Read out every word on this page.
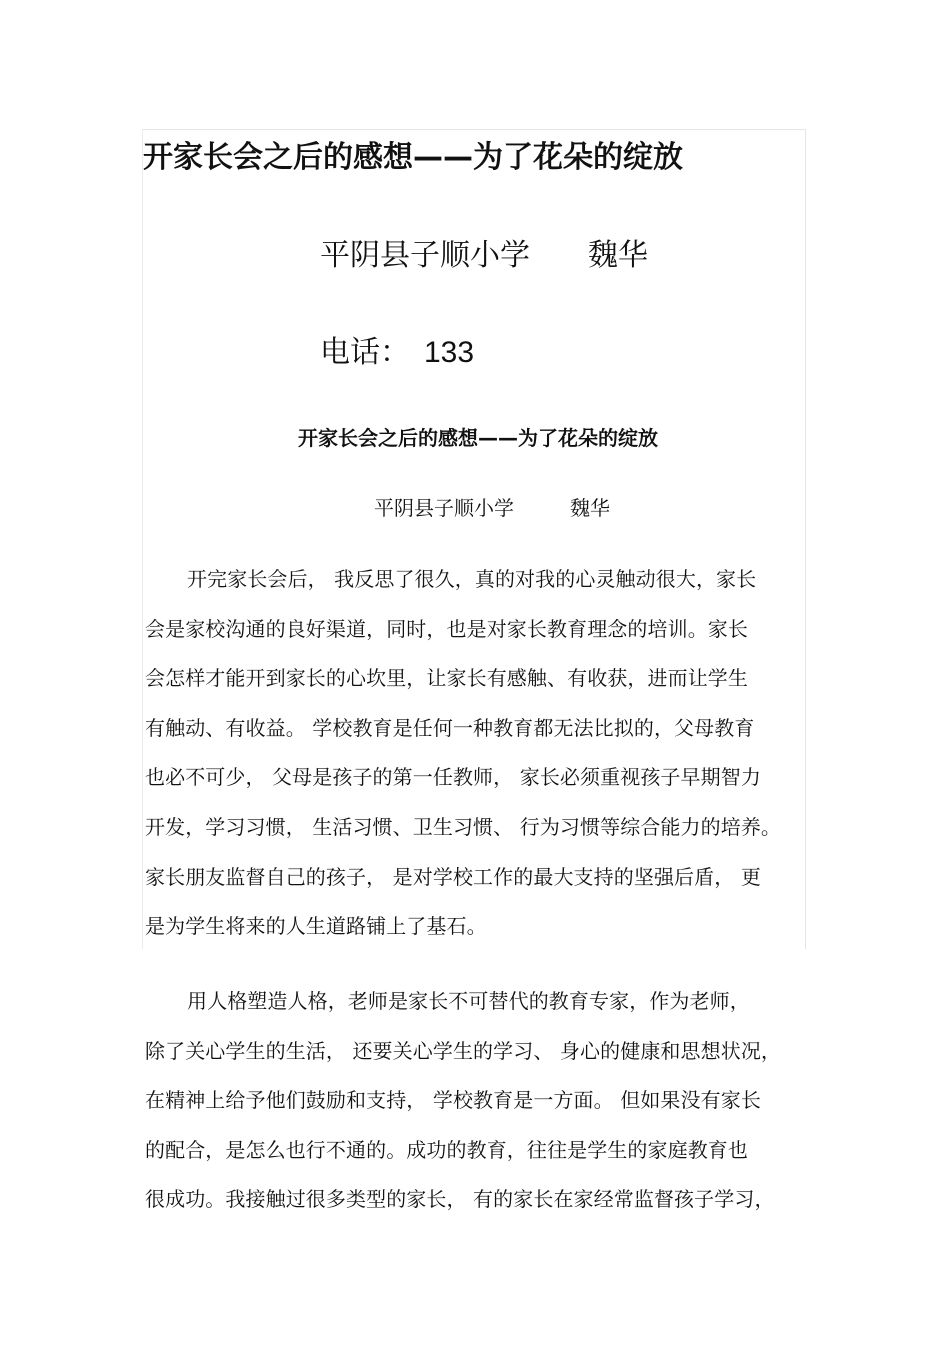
开家长会之后的感想——为了花朵的绽放
平阴县子顺小学 魏华
电话： 133
开家长会之后的感想——为了花朵的绽放
平阴县子顺小学	魏华
开完家长会后， 我反思了很久，真的对我的心灵触动很大，家长
会是家校沟通的良好渠道，同时，也是对家长教育理念的培训。家长
会怎样才能开到家长的心坎里，让家长有感触、有收获，进而让学生
有触动、有收益。 学校教育是任何一种教育都无法比拟的，父母教育
也必不可少， 父母是孩子的第一任教师， 家长必须重视孩子早期智力
开发，学习习惯， 生活习惯、卫生习惯、 行为习惯等综合能力的培养。
家长朋友监督自己的孩子， 是对学校工作的最大支持的坚强后盾， 更
是为学生将来的人生道路铺上了基石。
用人格塑造人格，老师是家长不可替代的教育专家，作为老师，
除了关心学生的生活， 还要关心学生的学习、 身心的健康和思想状况，
在精神上给予他们鼓励和支持， 学校教育是一方面。 但如果没有家长
的配合，是怎么也行不通的。成功的教育，往往是学生的家庭教育也
很成功。我接触过很多类型的家长， 有的家长在家经常监督孩子学习，
